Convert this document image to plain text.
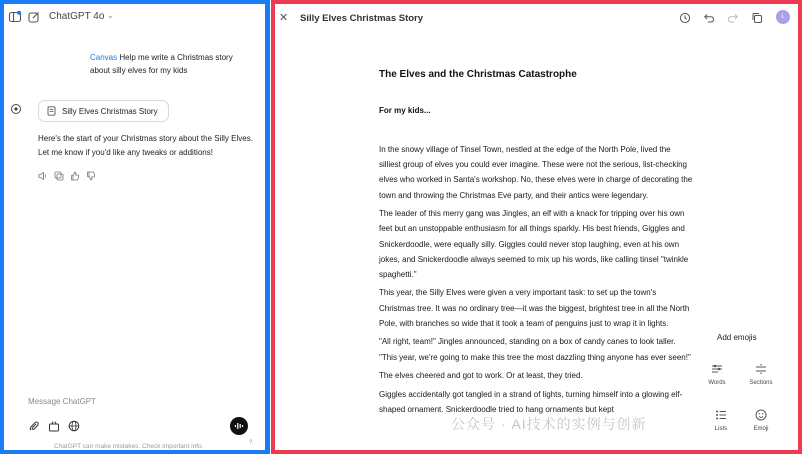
ChatGPT 4o ⌄
Canvas Help me write a Christmas story about silly elves for my kids
Silly Elves Christmas Story
Here's the start of your Christmas story about the Silly Elves. Let me know if you'd like any tweaks or additions!
Message ChatGPT
ChatGPT can make mistakes. Check important info.	?
✕ Silly Elves Christmas Story	L
The Elves and the Christmas Catastrophe
For my kids...

In the snowy village of Tinsel Town, nestled at the edge of the North Pole, lived the silliest group of elves you could ever imagine. These were not the serious, list-checking elves who worked in Santa's workshop. No, these elves were in charge of decorating the town and throwing the Christmas Eve party, and their antics were legendary.

The leader of this merry gang was Jingles, an elf with a knack for tripping over his own feet but an unstoppable enthusiasm for all things sparkly. His best friends, Giggles and Snickerdoodle, were equally silly. Giggles could never stop laughing, even at his own jokes, and Snickerdoodle always seemed to mix up his words, like calling tinsel "twinkle spaghetti."

This year, the Silly Elves were given a very important task: to set up the town's Christmas tree. It was no ordinary tree—it was the biggest, brightest tree in all the North Pole, with branches so wide that it took a team of penguins just to wrap it in lights.

"All right, team!" Jingles announced, standing on a box of candy canes to look taller. "This year, we're going to make this tree the most dazzling thing anyone has ever seen!"

The elves cheered and got to work. Or at least, they tried.

Giggles accidentally got tangled in a strand of lights, turning himself into a glowing elf-shaped ornament. Snickerdoodle tried to hang ornaments but kept

Add emojis
Words	Sections
Lists	Emoji
公众号 · AI技术的实例与创新
